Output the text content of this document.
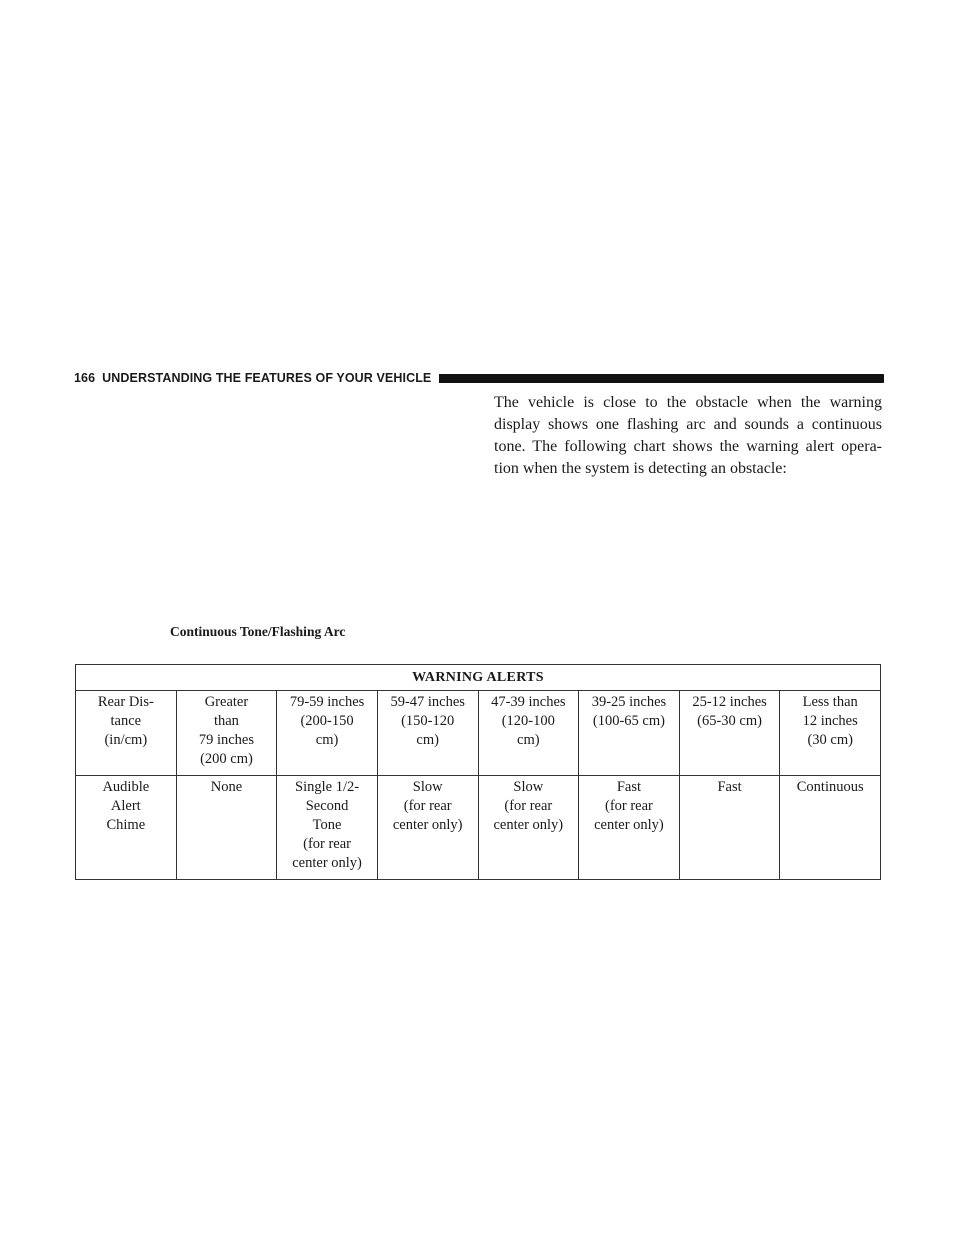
166 UNDERSTANDING THE FEATURES OF YOUR VEHICLE

The vehicle is close to the obstacle when the warning display shows one flashing arc and sounds a continuous tone. The following chart shows the warning alert opera-tion when the system is detecting an obstacle:

Continuous Tone/Flashing Arc

WARNING ALERTS							

Rear Dis-
tance
(in/cm)	Greater
than
79 inches
(200 cm)	79-59 inches
(200-150
cm)	59-47 inches
(150-120
cm)	47-39 inches
(120-100
cm)	39-25 inches
(100-65 cm)	25-12 inches
(65-30 cm)	Less than
12 inches
(30 cm)

Audible
Alert
Chime	None	Single 1/2-
Second
Tone
(for rear
center only)	Slow
(for rear
center only)	Slow
(for rear
center only)	Fast
(for rear
center only)	Fast	Continuous
